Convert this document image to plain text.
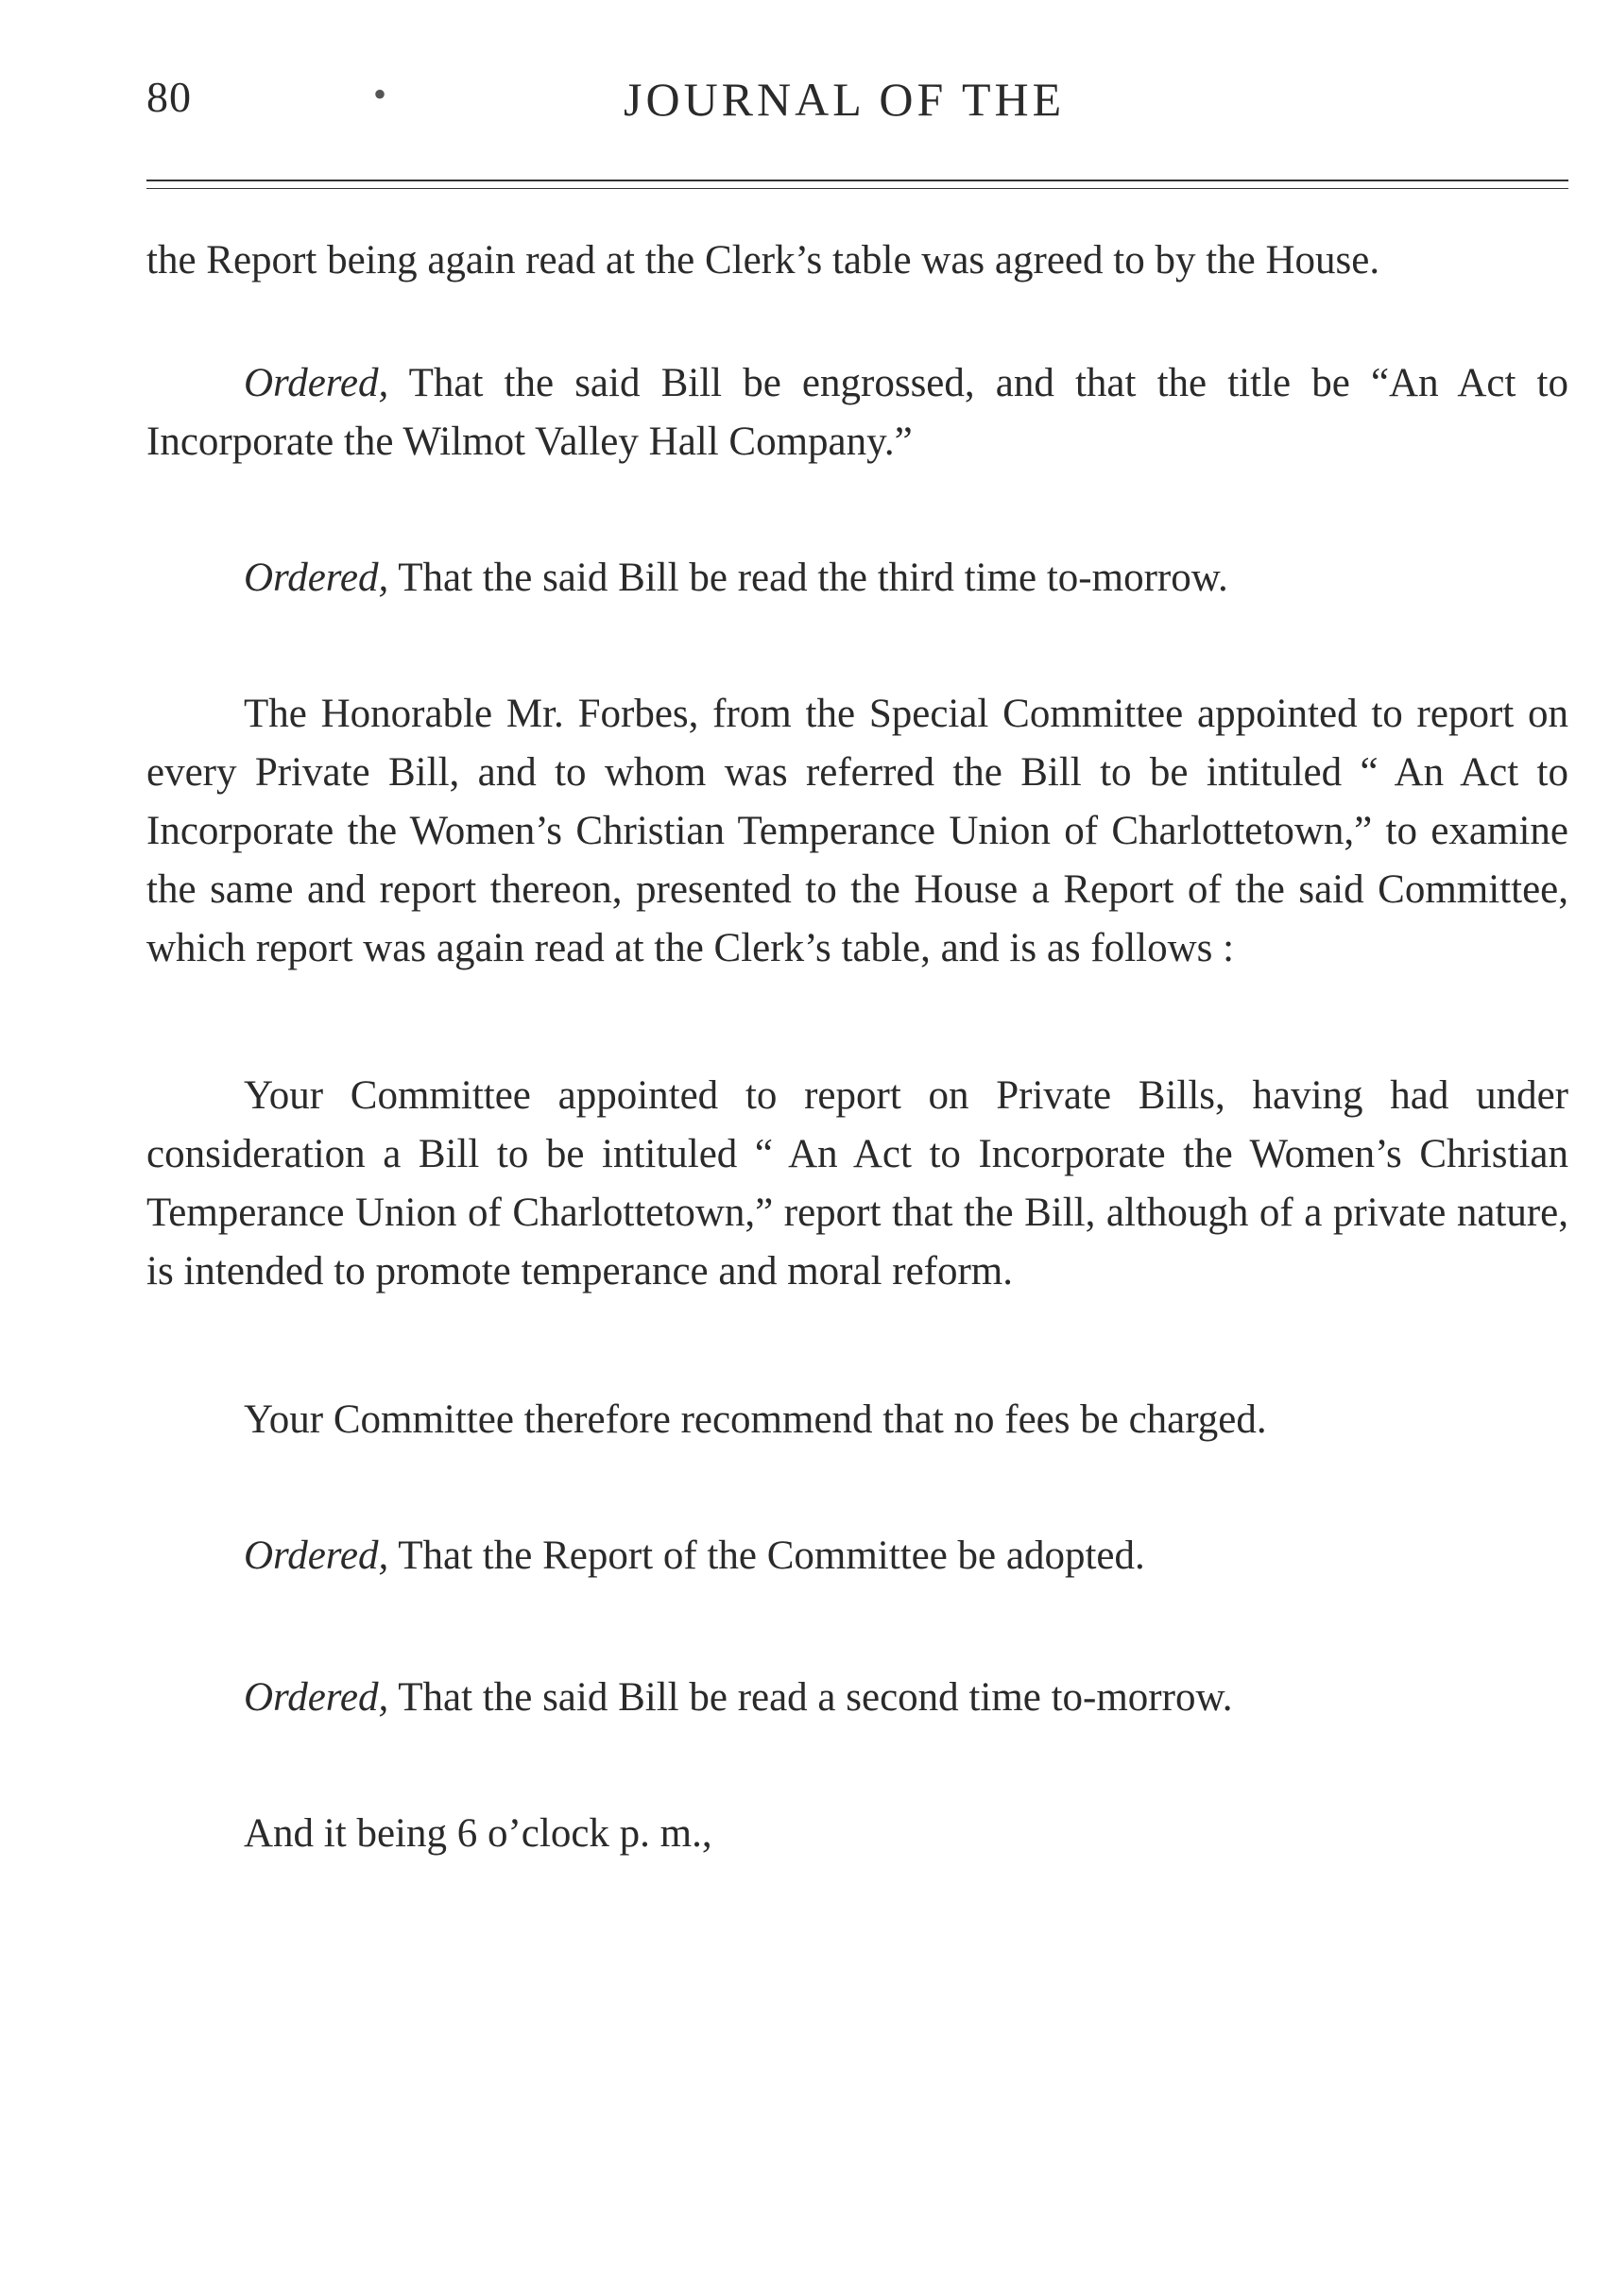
80	•	JOURNAL OF THE

the Report being again read at the Clerk’s table was agreed to by the House.

Ordered, That the said Bill be engrossed, and that the title be “An Act to Incorporate the Wilmot Valley Hall Company.”

Ordered, That the said Bill be read the third time to-morrow.

The Honorable Mr. Forbes, from the Special Committee appointed to report on every Private Bill, and to whom was referred the Bill to be intituled “ An Act to Incorporate the Women’s Christian Temperance Union of Charlottetown,” to examine the same and report thereon, presented to the House a Report of the said Committee, which report was again read at the Clerk’s table, and is as follows :

Your Committee appointed to report on Private Bills, having had under consideration a Bill to be intituled “ An Act to Incorporate the Women’s Christian Temperance Union of Charlottetown,” report that the Bill, although of a private nature, is intended to promote temperance and moral reform.

Your Committee therefore recommend that no fees be charged.

Ordered, That the Report of the Committee be adopted.

Ordered, That the said Bill be read a second time to-morrow.

And it being 6 o’clock p. m.,
